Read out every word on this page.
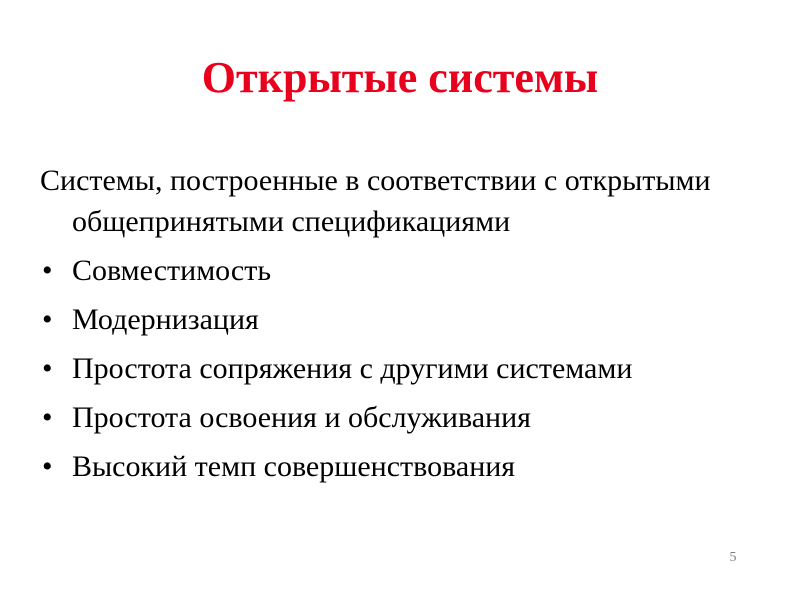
Открытые системы

Системы, построенные в соответствии с открытыми общепринятыми спецификациями

• Совместимость
• Модернизация
• Простота сопряжения с другими системами
• Простота освоения и обслуживания
• Высокий темп совершенствования
5
